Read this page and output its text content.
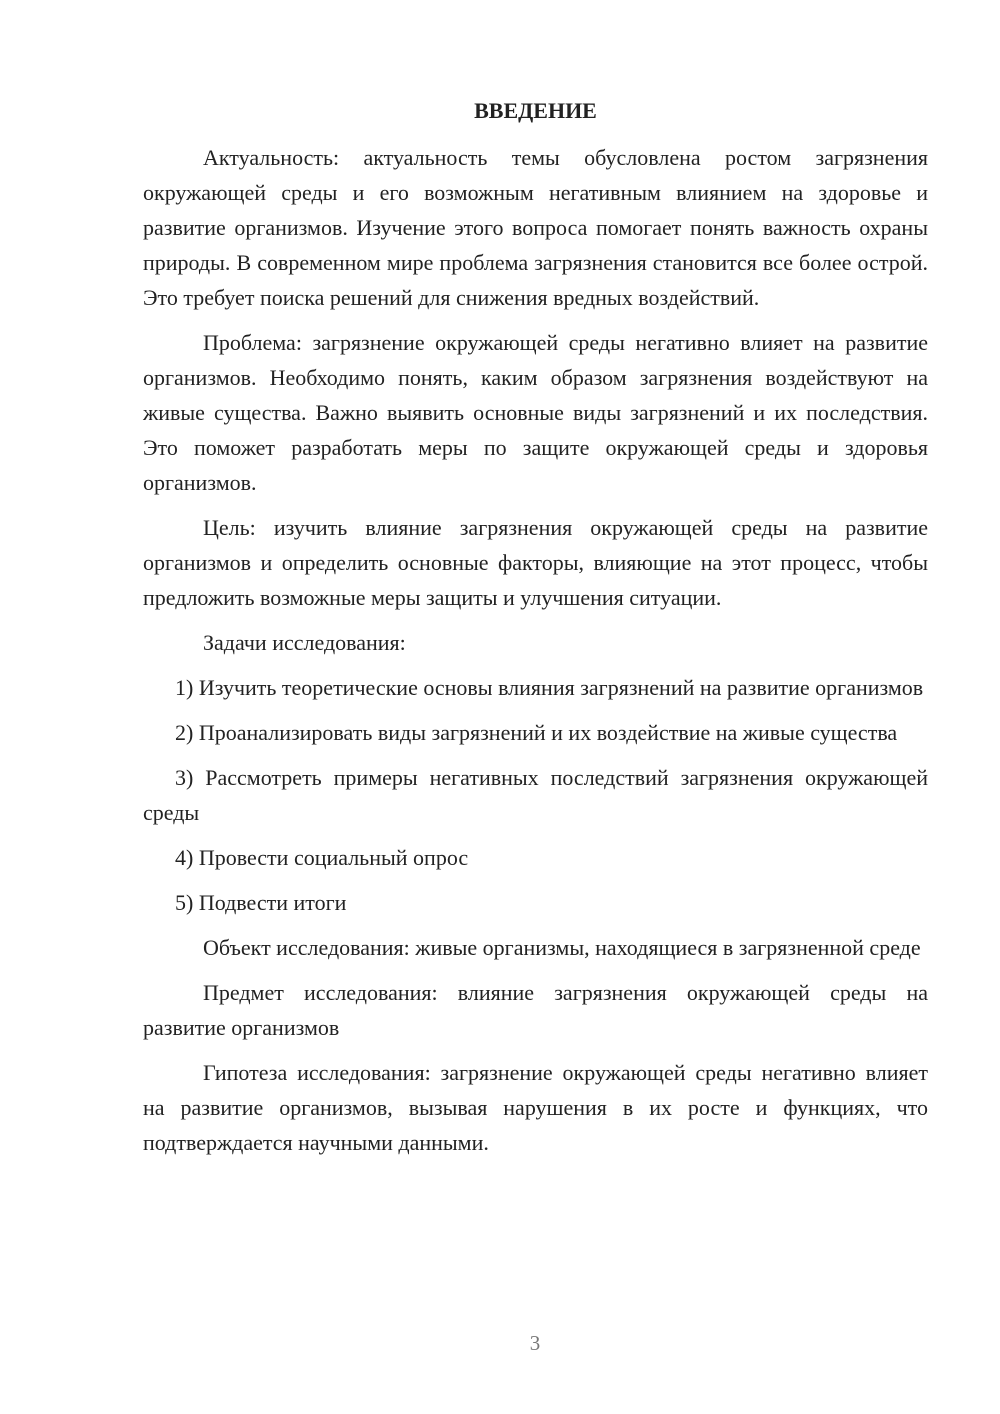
ВВЕДЕНИЕ

Актуальность: актуальность темы обусловлена ростом загрязнения окружающей среды и его возможным негативным влиянием на здоровье и развитие организмов. Изучение этого вопроса помогает понять важность охраны природы. В современном мире проблема загрязнения становится все более острой. Это требует поиска решений для снижения вредных воздействий.

Проблема: загрязнение окружающей среды негативно влияет на развитие организмов. Необходимо понять, каким образом загрязнения воздействуют на живые существа. Важно выявить основные виды загрязнений и их последствия. Это поможет разработать меры по защите окружающей среды и здоровья организмов.

Цель: изучить влияние загрязнения окружающей среды на развитие организмов и определить основные факторы, влияющие на этот процесс, чтобы предложить возможные меры защиты и улучшения ситуации.

Задачи исследования:

1) Изучить теоретические основы влияния загрязнений на развитие организмов

2) Проанализировать виды загрязнений и их воздействие на живые существа

3) Рассмотреть примеры негативных последствий загрязнения окружающей среды

4) Провести социальный опрос

5) Подвести итоги

Объект исследования: живые организмы, находящиеся в загрязненной среде

Предмет исследования: влияние загрязнения окружающей среды на развитие организмов

Гипотеза исследования: загрязнение окружающей среды негативно влияет на развитие организмов, вызывая нарушения в их росте и функциях, что подтверждается научными данными.

3
